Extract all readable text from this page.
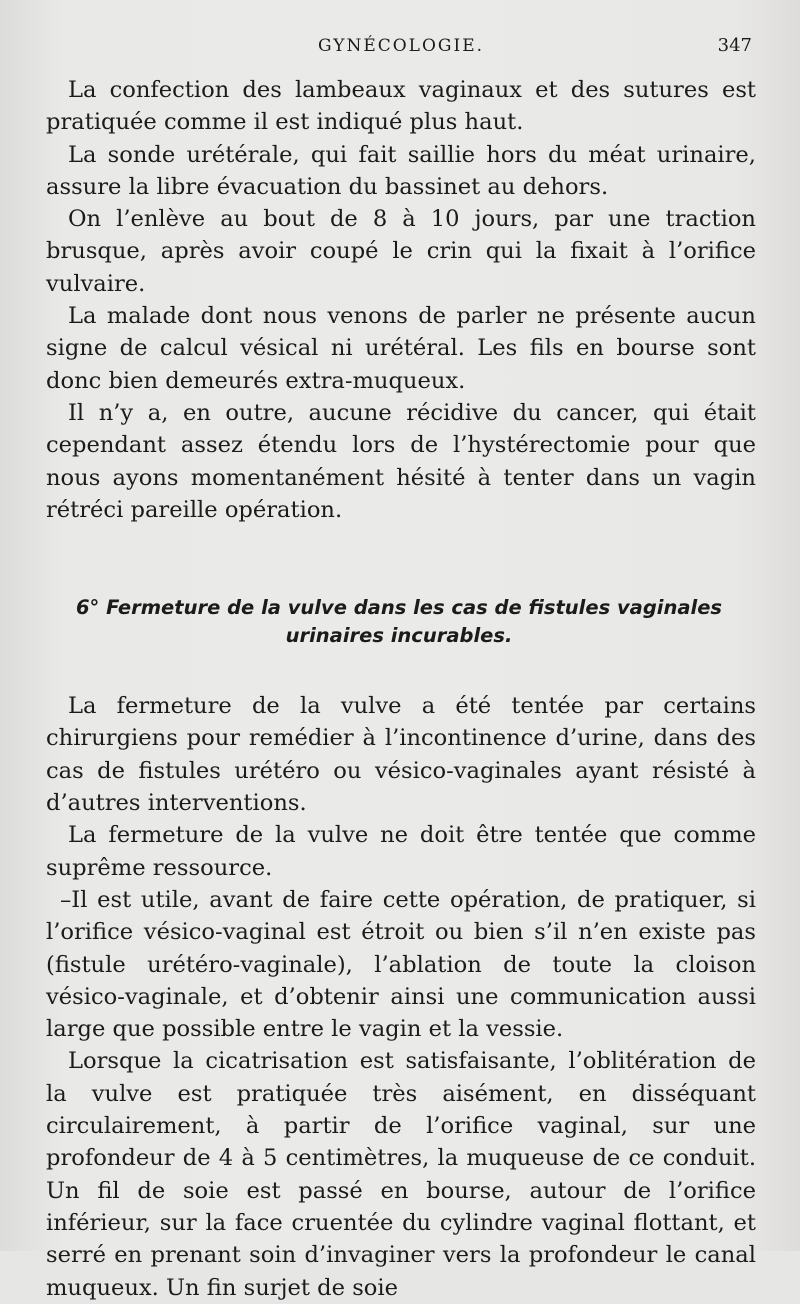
GYNÉCOLOGIE.	347

La confection des lambeaux vaginaux et des sutures est pratiquée comme il est indiqué plus haut.

La sonde urétérale, qui fait saillie hors du méat urinaire, assure la libre évacuation du bassinet au dehors.

On l’enlève au bout de 8 à 10 jours, par une traction brusque, après avoir coupé le crin qui la fixait à l’orifice vulvaire.

La malade dont nous venons de parler ne présente aucun signe de calcul vésical ni urétéral. Les fils en bourse sont donc bien demeurés extra-muqueux.

Il n’y a, en outre, aucune récidive du cancer, qui était cependant assez étendu lors de l’hystérectomie pour que nous ayons momentanément hésité à tenter dans un vagin rétréci pareille opération.

6° Fermeture de la vulve dans les cas de fistules vaginales

urinaires incurables.

La fermeture de la vulve a été tentée par certains chirurgiens pour remédier à l’incontinence d’urine, dans des cas de fistules urétéro ou vésico-vaginales ayant résisté à d’autres interventions.

La fermeture de la vulve ne doit être tentée que comme suprême ressource.

–Il est utile, avant de faire cette opération, de pratiquer, si l’orifice vésico-vaginal est étroit ou bien s’il n’en existe pas (fistule urétéro-vaginale), l’ablation de toute la cloison vésico-vaginale, et d’obtenir ainsi une communication aussi large que possible entre le vagin et la vessie.

Lorsque la cicatrisation est satisfaisante, l’oblitération de la vulve est pratiquée très aisément, en disséquant circulairement, à partir de l’orifice vaginal, sur une profondeur de 4 à 5 centimètres, la muqueuse de ce conduit. Un fil de soie est passé en bourse, autour de l’orifice inférieur, sur la face cruentée du cylindre vaginal flottant, et serré en prenant soin d’invaginer vers la profondeur le canal muqueux. Un fin surjet de soie
